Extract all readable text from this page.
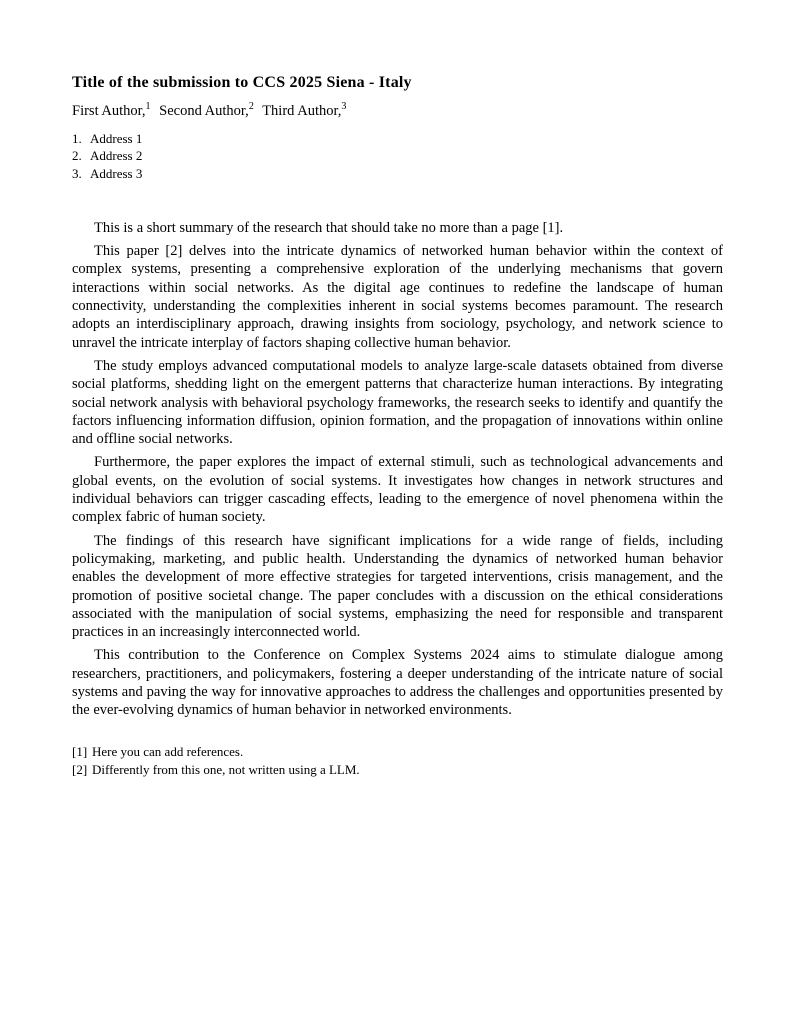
Title of the submission to CCS 2025 Siena - Italy
First Author,$^1$ Second Author,$^2$ Third Author,$^3$
1. Address 1
2. Address 2
3. Address 3

This is a short summary of the research that should take no more than a page [1].

This paper [2] delves into the intricate dynamics of networked human behavior within the context of complex systems, presenting a comprehensive exploration of the underlying mechanisms that govern interactions within social networks. As the digital age continues to redefine the landscape of human connectivity, understanding the complexities inherent in social systems becomes paramount. The research adopts an interdisciplinary approach, drawing insights from sociology, psychology, and network science to unravel the intricate interplay of factors shaping collective human behavior.

The study employs advanced computational models to analyze large-scale datasets obtained from diverse social platforms, shedding light on the emergent patterns that characterize human interactions. By integrating social network analysis with behavioral psychology frameworks, the research seeks to identify and quantify the factors influencing information diffusion, opinion formation, and the propagation of innovations within online and offline social networks.

Furthermore, the paper explores the impact of external stimuli, such as technological advancements and global events, on the evolution of social systems. It investigates how changes in network structures and individual behaviors can trigger cascading effects, leading to the emergence of novel phenomena within the complex fabric of human society.

The findings of this research have significant implications for a wide range of fields, including policymaking, marketing, and public health. Understanding the dynamics of networked human behavior enables the development of more effective strategies for targeted interventions, crisis management, and the promotion of positive societal change. The paper concludes with a discussion on the ethical considerations associated with the manipulation of social systems, emphasizing the need for responsible and transparent practices in an increasingly interconnected world.

This contribution to the Conference on Complex Systems 2024 aims to stimulate dialogue among researchers, practitioners, and policymakers, fostering a deeper understanding of the intricate nature of social systems and paving the way for innovative approaches to address the challenges and opportunities presented by the ever-evolving dynamics of human behavior in networked environments.

[1] Here you can add references.
[2] Differently from this one, not written using a LLM.
